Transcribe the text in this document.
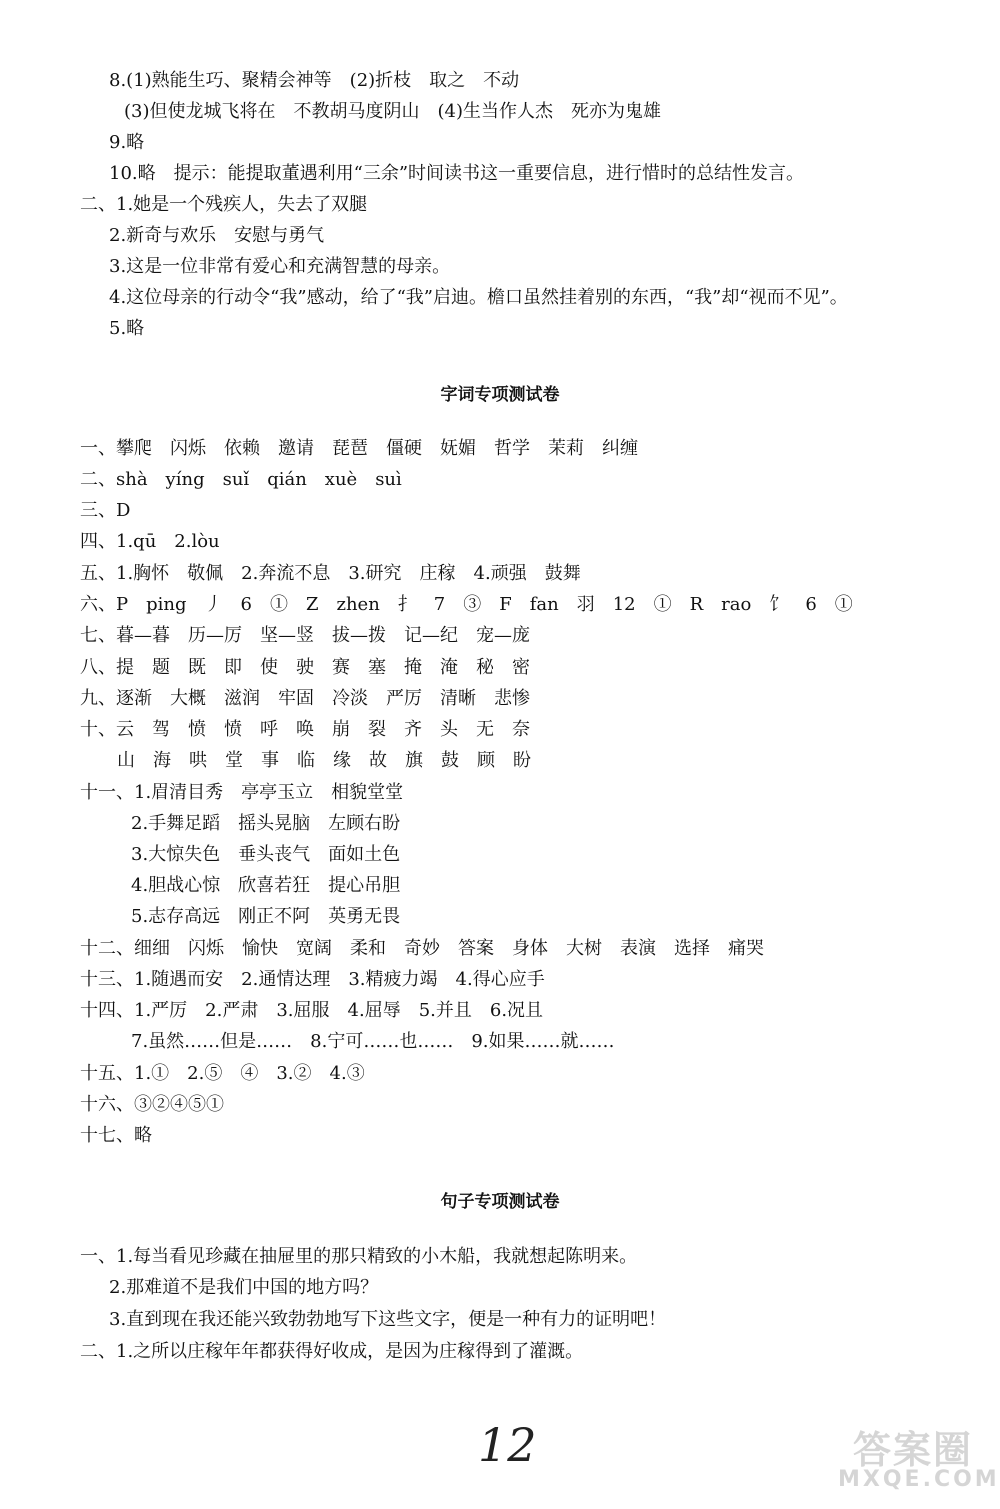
8.(1)熟能生巧、聚精会神等　(2)折枝　取之　不动
(3)但使龙城飞将在　不教胡马度阴山　(4)生当作人杰　死亦为鬼雄
9.略
10.略　提示：能提取董遇利用“三余”时间读书这一重要信息，进行惜时的总结性发言。
二、1.她是一个残疾人，失去了双腿
2.新奇与欢乐　安慰与勇气
3.这是一位非常有爱心和充满智慧的母亲。
4.这位母亲的行动令“我”感动，给了“我”启迪。檐口虽然挂着别的东西，“我”却“视而不见”。
5.略
字词专项测试卷
一、攀爬　闪烁　依赖　邀请　琵琶　僵硬　妩媚　哲学　茉莉　纠缠
二、shà　yíng　suǐ　qián　xuè　suì
三、D
四、1.qū　2.lòu
五、1.胸怀　敬佩　2.奔流不息　3.研究　庄稼　4.顽强　鼓舞
六、P　ping　丿　6　①　Z　zhen　扌　7　③　F　fan　羽　12　①　R　rao　饣　6　①
七、暮—暮　历—厉　坚—竖　拔—拨　记—纪　宠—庞
八、提　题　既　即　使　驶　赛　塞　掩　淹　秘　密
九、逐渐　大概　滋润　牢固　冷淡　严厉　清晰　悲惨
十、云　驾　愤　愤　呼　唤　崩　裂　齐　头　无　奈
山　海　哄　堂　事　临　缘　故　旗　鼓　顾　盼
十一、1.眉清目秀　亭亭玉立　相貌堂堂
2.手舞足蹈　摇头晃脑　左顾右盼
3.大惊失色　垂头丧气　面如土色
4.胆战心惊　欣喜若狂　提心吊胆
5.志存高远　刚正不阿　英勇无畏
十二、细细　闪烁　愉快　宽阔　柔和　奇妙　答案　身体　大树　表演　选择　痛哭
十三、1.随遇而安　2.通情达理　3.精疲力竭　4.得心应手
十四、1.严厉　2.严肃　3.屈服　4.屈辱　5.并且　6.况且
7.虽然……但是……　8.宁可……也……　9.如果……就……
十五、1.①　2.⑤　④　3.②　4.③
十六、③②④⑤①
十七、略
句子专项测试卷
一、1.每当看见珍藏在抽屉里的那只精致的小木船，我就想起陈明来。
2.那难道不是我们中国的地方吗？
3.直到现在我还能兴致勃勃地写下这些文字，便是一种有力的证明吧！
二、1.之所以庄稼年年都获得好收成，是因为庄稼得到了灌溉。
12	答案圈
MXQE.COM
